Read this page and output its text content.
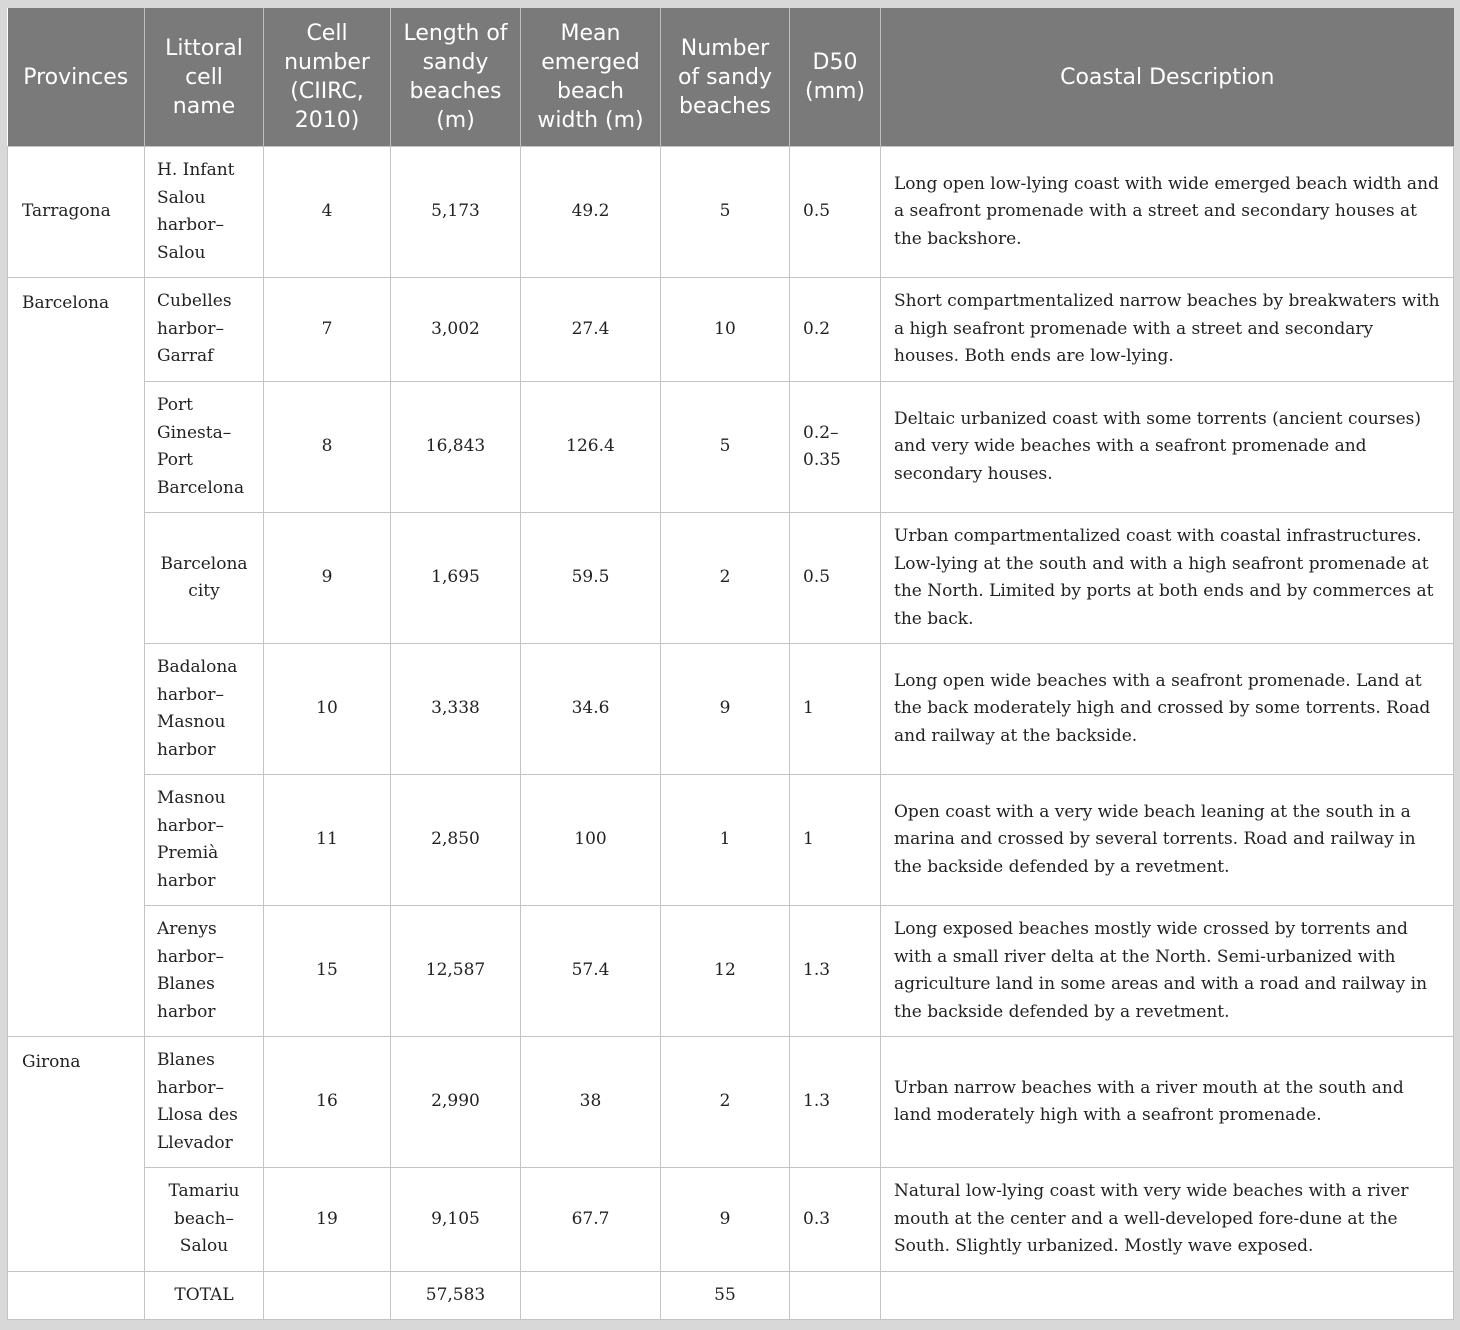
Provinces	Littoral cell name	Cell number (CIIRC, 2010)	Length of sandy beaches (m)	Mean emerged beach width (m)	Number of sandy beaches	D50 (mm)	Coastal Description
Tarragona	H. Infant Salou harbor– Salou	4	5,173	49.2	5	0.5	Long open low-lying coast with wide emerged beach width and a seafront promenade with a street and secondary houses at the backshore.
Barcelona	Cubelles harbor– Garraf	7	3,002	27.4	10	0.2	Short compartmentalized narrow beaches by breakwaters with a high seafront promenade with a street and secondary houses. Both ends are low-lying.
	Port Ginesta– Port Barcelona	8	16,843	126.4	5	0.2– 0.35	Deltaic urbanized coast with some torrents (ancient courses) and very wide beaches with a seafront promenade and secondary houses.
	Barcelona city	9	1,695	59.5	2	0.5	Urban compartmentalized coast with coastal infrastructures. Low-lying at the south and with a high seafront promenade at the North. Limited by ports at both ends and by commerces at the back.
	Badalona harbor– Masnou harbor	10	3,338	34.6	9	1	Long open wide beaches with a seafront promenade. Land at the back moderately high and crossed by some torrents. Road and railway at the backside.
	Masnou harbor– Premià harbor	11	2,850	100	1	1	Open coast with a very wide beach leaning at the south in a marina and crossed by several torrents. Road and railway in the backside defended by a revetment.
	Arenys harbor– Blanes harbor	15	12,587	57.4	12	1.3	Long exposed beaches mostly wide crossed by torrents and with a small river delta at the North. Semi-urbanized with agriculture land in some areas and with a road and railway in the backside defended by a revetment.
Girona	Blanes harbor– Llosa des Llevador	16	2,990	38	2	1.3	Urban narrow beaches with a river mouth at the south and land moderately high with a seafront promenade.
	Tamariu beach– Salou	19	9,105	67.7	9	0.3	Natural low-lying coast with very wide beaches with a river mouth at the center and a well-developed fore-dune at the South. Slightly urbanized. Mostly wave exposed.
	TOTAL		57,583		55		
